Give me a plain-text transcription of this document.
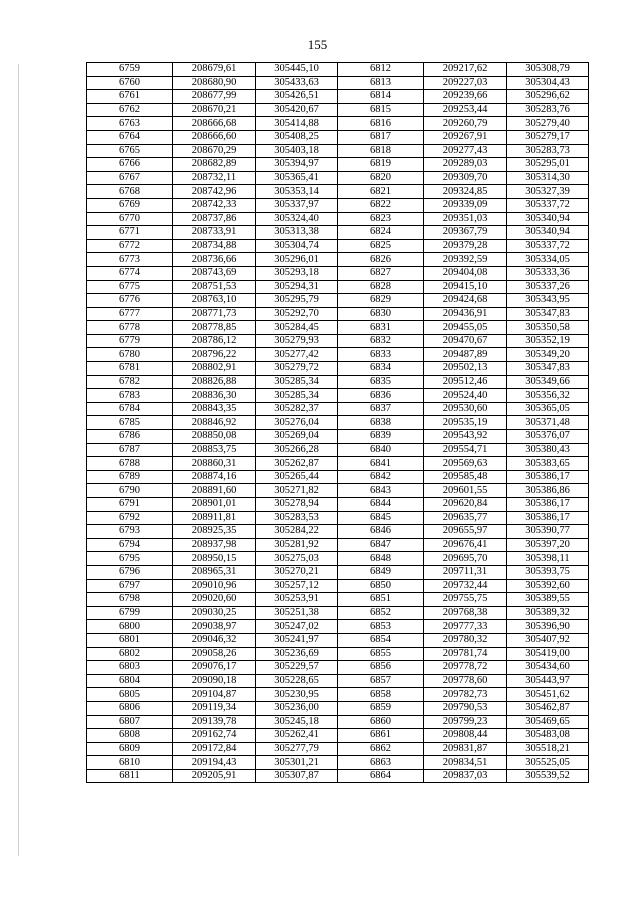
155
6759	208679,61	305445,10	6812	209217,62	305308,79
6760	208680,90	305433,63	6813	209227,03	305304,43
6761	208677,99	305426,51	6814	209239,66	305296,62
6762	208670,21	305420,67	6815	209253,44	305283,76
6763	208666,68	305414,88	6816	209260,79	305279,40
6764	208666,60	305408,25	6817	209267,91	305279,17
6765	208670,29	305403,18	6818	209277,43	305283,73
6766	208682,89	305394,97	6819	209289,03	305295,01
6767	208732,11	305365,41	6820	209309,70	305314,30
6768	208742,96	305353,14	6821	209324,85	305327,39
6769	208742,33	305337,97	6822	209339,09	305337,72
6770	208737,86	305324,40	6823	209351,03	305340,94
6771	208733,91	305313,38	6824	209367,79	305340,94
6772	208734,88	305304,74	6825	209379,28	305337,72
6773	208736,66	305296,01	6826	209392,59	305334,05
6774	208743,69	305293,18	6827	209404,08	305333,36
6775	208751,53	305294,31	6828	209415,10	305337,26
6776	208763,10	305295,79	6829	209424,68	305343,95
6777	208771,73	305292,70	6830	209436,91	305347,83
6778	208778,85	305284,45	6831	209455,05	305350,58
6779	208786,12	305279,93	6832	209470,67	305352,19
6780	208796,22	305277,42	6833	209487,89	305349,20
6781	208802,91	305279,72	6834	209502,13	305347,83
6782	208826,88	305285,34	6835	209512,46	305349,66
6783	208836,30	305285,34	6836	209524,40	305356,32
6784	208843,35	305282,37	6837	209530,60	305365,05
6785	208846,92	305276,04	6838	209535,19	305371,48
6786	208850,08	305269,04	6839	209543,92	305376,07
6787	208853,75	305266,28	6840	209554,71	305380,43
6788	208860,31	305262,87	6841	209569,63	305383,65
6789	208874,16	305265,44	6842	209585,48	305386,17
6790	208891,60	305271,82	6843	209601,55	305386,86
6791	208901,01	305278,94	6844	209620,84	305386,17
6792	208911,81	305283,53	6845	209635,77	305386,17
6793	208925,35	305284,22	6846	209655,97	305390,77
6794	208937,98	305281,92	6847	209676,41	305397,20
6795	208950,15	305275,03	6848	209695,70	305398,11
6796	208965,31	305270,21	6849	209711,31	305393,75
6797	209010,96	305257,12	6850	209732,44	305392,60
6798	209020,60	305253,91	6851	209755,75	305389,55
6799	209030,25	305251,38	6852	209768,38	305389,32
6800	209038,97	305247,02	6853	209777,33	305396,90
6801	209046,32	305241,97	6854	209780,32	305407,92
6802	209058,26	305236,69	6855	209781,74	305419,00
6803	209076,17	305229,57	6856	209778,72	305434,60
6804	209090,18	305228,65	6857	209778,60	305443,97
6805	209104,87	305230,95	6858	209782,73	305451,62
6806	209119,34	305236,00	6859	209790,53	305462,87
6807	209139,78	305245,18	6860	209799,23	305469,65
6808	209162,74	305262,41	6861	209808,44	305483,08
6809	209172,84	305277,79	6862	209831,87	305518,21
6810	209194,43	305301,21	6863	209834,51	305525,05
6811	209205,91	305307,87	6864	209837,03	305539,52
